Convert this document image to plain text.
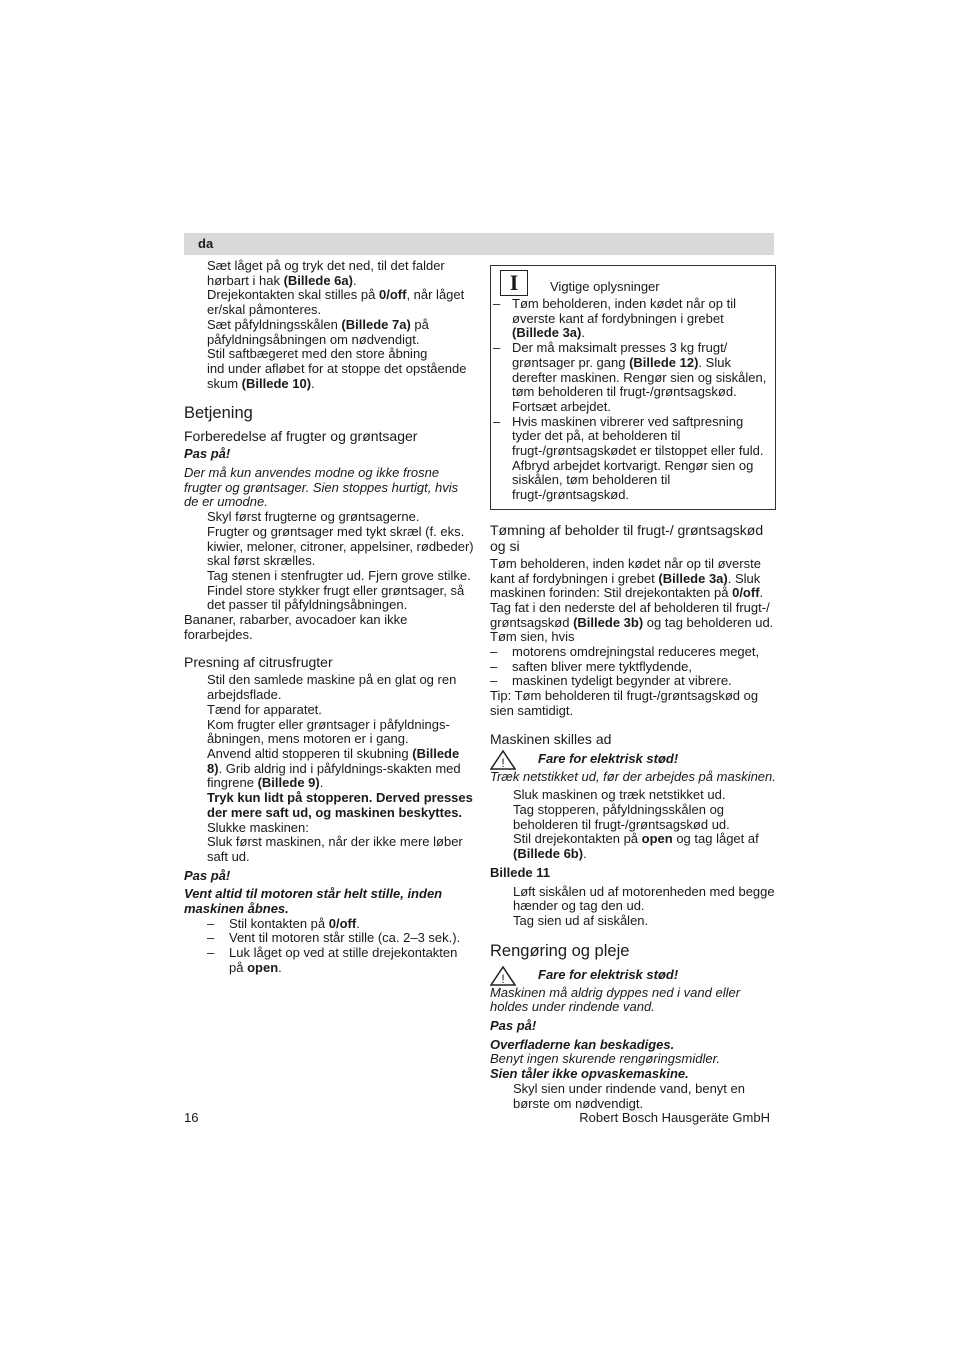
da

Sæt låget på og tryk det ned, til det falder
hørbart i hak (Billede 6a).

Drejekontakten skal stilles på 0/off, når låget
er/skal påmonteres.

Sæt påfyldningsskålen (Billede 7a) på
påfyldningsåbningen om nødvendigt.

Stil saftbægeret med den store åbning
ind under afløbet for at stoppe det opstående
skum (Billede 10).

Betjening
Forberedelse af frugter og grøntsager

Pas på!

Der må kun anvendes modne og ikke frosne frugter og grøntsager. Sien stoppes hurtigt, hvis de er umodne.

Skyl først frugterne og grøntsagerne.

Frugter og grøntsager med tykt skræl (f. eks. kiwier, meloner, citroner, appelsiner, rødbeder) skal først skrælles.

Tag stenen i stenfrugter ud. Fjern grove stilke.

Findel store stykker frugt eller grøntsager, så det passer til påfyldningsåbningen.

Bananer, rabarber, avocadoer kan ikke forarbejdes.

Presning af citrusfrugter

Stil den samlede maskine på en glat og ren arbejdsflade.

Tænd for apparatet.

Kom frugter eller grøntsager i påfyldnings-åbningen, mens motoren er i gang.

Anvend altid stopperen til skubning (Billede 8). Grib aldrig ind i påfyldnings-skakten med fingrene (Billede 9).

Tryk kun lidt på stopperen. Derved presses der mere saft ud, og maskinen beskyttes.

Slukke maskinen:

Sluk først maskinen, når der ikke mere løber saft ud.

Pas på!

Vent altid til motoren står helt stille, inden maskinen åbnes.

–	Stil kontakten på 0/off.
–	Vent til motoren står stille (ca. 2–3 sek.).
–	Luk låget op ved at stille drejekontakten på open.
I	Vigtige oplysninger
– Tøm beholderen, inden kødet når op til øverste kant af fordybningen i grebet (Billede 3a).
– Der må maksimalt presses 3 kg frugt/ grøntsager pr. gang (Billede 12). Sluk derefter maskinen. Rengør sien og siskålen, tøm beholderen til frugt-/grøntsagskød. Fortsæt arbejdet.
– Hvis maskinen vibrerer ved saftpresning tyder det på, at beholderen til frugt-/grøntsagskødet er tilstoppet eller fuld. Afbryd arbejdet kortvarigt. Rengør sien og siskålen, tøm beholderen til frugt-/grøntsagskød.
Tømning af beholder til frugt-/ grøntsagskød og si

Tøm beholderen, inden kødet når op til øverste kant af fordybningen i grebet (Billede 3a). Sluk maskinen forinden: Stil drejekontakten på 0/off. Tag fat i den nederste del af beholderen til frugt-/ grøntsagskød (Billede 3b) og tag beholderen ud. Tøm sien, hvis

–	motorens omdrejningstal reduceres meget,
–	saften bliver mere tyktflydende,
–	maskinen tydeligt begynder at vibrere.

Tip: Tøm beholderen til frugt-/grøntsagskød og sien samtidigt.

Maskinen skilles ad
!	Fare for elektrisk stød!

Træk netstikket ud, før der arbejdes på maskinen.

Sluk maskinen og træk netstikket ud.

Tag stopperen, påfyldningsskålen og beholderen til frugt-/grøntsagskød ud.

Stil drejekontakten på open og tag låget af (Billede 6b).

Billede 11

Løft siskålen ud af motorenheden med begge hænder og tag den ud.

Tag sien ud af siskålen.

Rengøring og pleje
!	Fare for elektrisk stød!

Maskinen må aldrig dyppes ned i vand eller holdes under rindende vand.

Pas på!

Overfladerne kan beskadiges.

Benyt ingen skurende rengøringsmidler.

Sien tåler ikke opvaskemaskine.

Skyl sien under rindende vand, benyt en børste om nødvendigt.

16	Robert Bosch Hausgeräte GmbH
